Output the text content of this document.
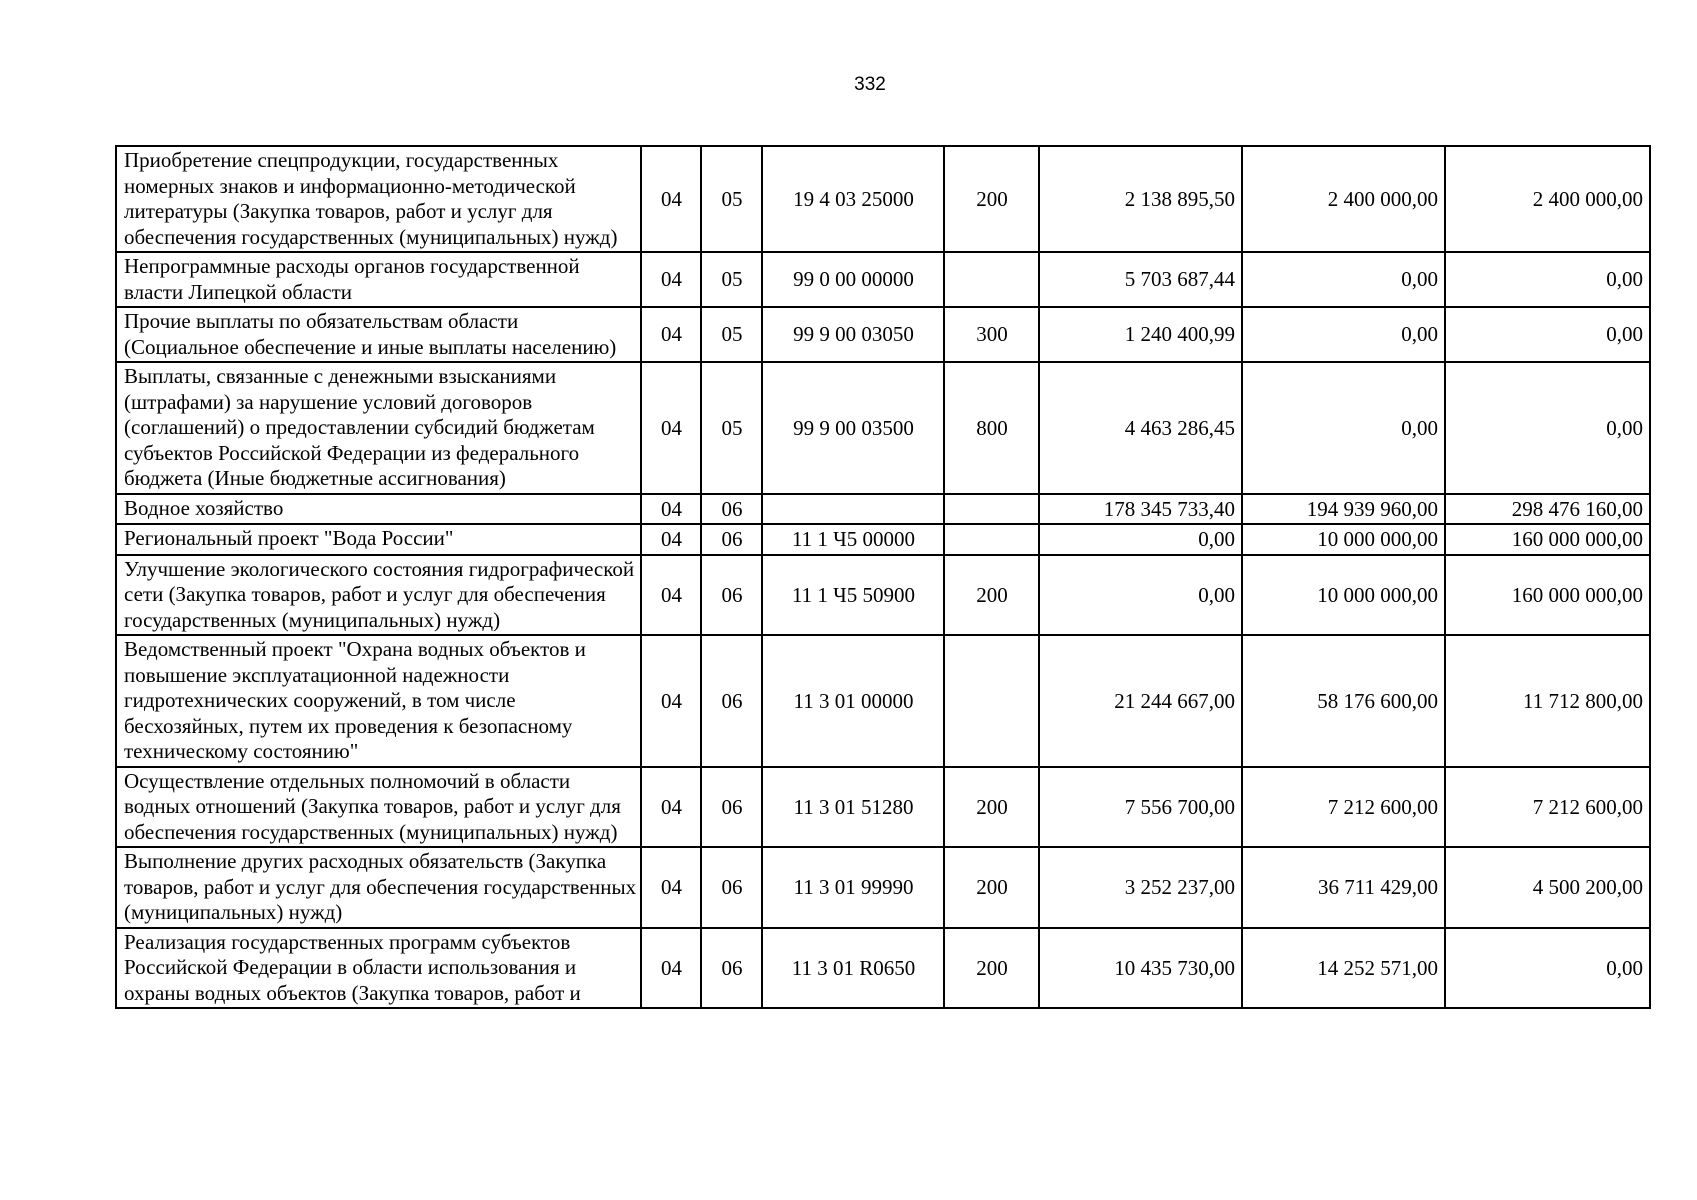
332
Приобретение спецпродукции, государственных номерных знаков и информационно-методической литературы (Закупка товаров, работ и услуг для обеспечения государственных (муниципальных) нужд)	04	05	19 4 03 25000	200	2 138 895,50	2 400 000,00	2 400 000,00
Непрограммные расходы органов государственной власти Липецкой области	04	05	99 0 00 00000		5 703 687,44	0,00	0,00
Прочие выплаты по обязательствам области (Социальное обеспечение и иные выплаты населению)	04	05	99 9 00 03050	300	1 240 400,99	0,00	0,00
Выплаты, связанные с денежными взысканиями (штрафами) за нарушение условий договоров (соглашений) о предоставлении субсидий бюджетам субъектов Российской Федерации из федерального бюджета (Иные бюджетные ассигнования)	04	05	99 9 00 03500	800	4 463 286,45	0,00	0,00
Водное хозяйство	04	06			178 345 733,40	194 939 960,00	298 476 160,00
Региональный проект "Вода России"	04	06	11 1 Ч5 00000		0,00	10 000 000,00	160 000 000,00
Улучшение экологического состояния гидрографической сети (Закупка товаров, работ и услуг для обеспечения государственных (муниципальных) нужд)	04	06	11 1 Ч5 50900	200	0,00	10 000 000,00	160 000 000,00
Ведомственный проект "Охрана водных объектов и повышение эксплуатационной надежности гидротехнических сооружений, в том числе бесхозяйных, путем их проведения к безопасному техническому состоянию"	04	06	11 3 01 00000		21 244 667,00	58 176 600,00	11 712 800,00
Осуществление отдельных полномочий в области водных отношений (Закупка товаров, работ и услуг для обеспечения государственных (муниципальных) нужд)	04	06	11 3 01 51280	200	7 556 700,00	7 212 600,00	7 212 600,00
Выполнение других расходных обязательств (Закупка товаров, работ и услуг для обеспечения государственных (муниципальных) нужд)	04	06	11 3 01 99990	200	3 252 237,00	36 711 429,00	4 500 200,00
Реализация государственных программ субъектов Российской Федерации в области использования и охраны водных объектов (Закупка товаров, работ и	04	06	11 3 01 R0650	200	10 435 730,00	14 252 571,00	0,00
